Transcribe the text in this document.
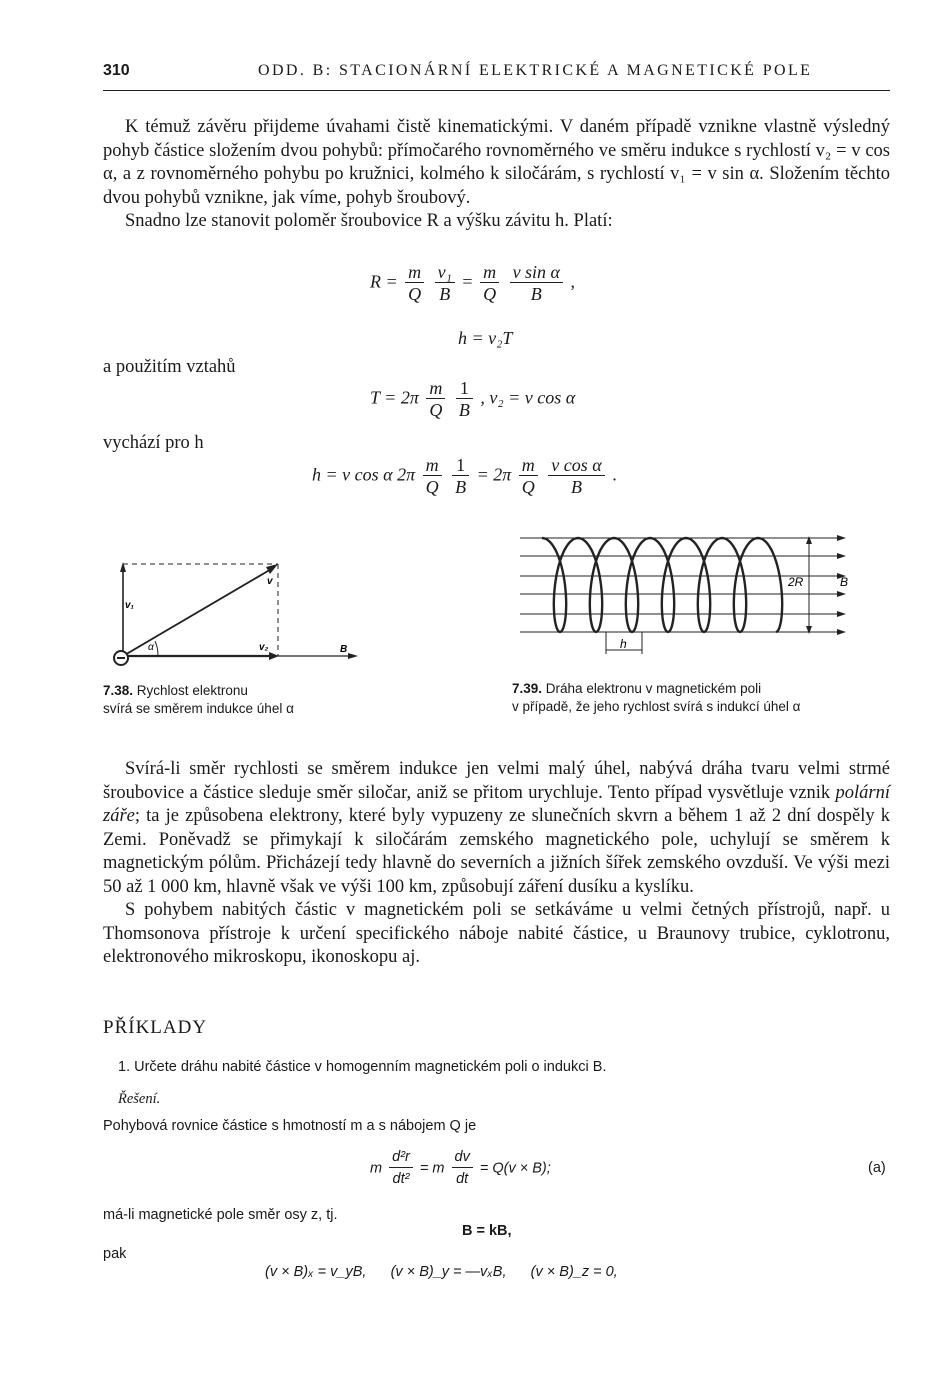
310	ODD. B: STACIONÁRNÍ ELEKTRICKÉ A MAGNETICKÉ POLE

K témuž závěru přijdeme úvahami čistě kinematickými. V daném případě vznikne vlastně výsledný pohyb částice složením dvou pohybů: přímočarého rovnoměrného ve směru indukce s rychlostí v₂ = v cos α, a z rovnoměrného pohybu po kružnici, kolmého k siločárám, s rychlostí v₁ = v sin α. Složením těchto dvou pohybů vznikne, jak víme, pohyb šroubový.

Snadno lze stanovit poloměr šroubovice R a výšku závitu h. Platí:

$R = \frac{m}{Q}$
$\frac{\text{v₁}}{B} = \frac{m}{Q}$
$\frac{\text{v sin α}}{B}$ ,
h = v₂T
a použitím vztahů
$T = 2\pi \frac{m}{Q}$
$\frac{1}{B}$ , v₂ = v cos α
vychází pro h
h = v cos α $2\pi \frac{m}{Q}$
$\frac{1}{B} = 2\pi \frac{m}{Q}$
$\frac{\text{v cos α}}{B}$ .
v
v₁
v₂
α	B
7.38. Rychlost elektronu
svírá se směrem indukce úhel α
2R	B
h
7.39. Dráha elektronu v magnetickém poli
v případě, že jeho rychlost svírá s indukcí úhel α

Svírá-li směr rychlosti se směrem indukce jen velmi malý úhel, nabývá dráha tvaru velmi strmé šroubovice a částice sleduje směr siločar, aniž se přitom urychluje. Tento případ vysvětluje vznik polární záře; ta je způsobena elektrony, které byly vypuzeny ze slunečních skvrn a během 1 až 2 dní dospěly k Zemi. Poněvadž se přimykají k siločárám zemského magnetického pole, uchylují se směrem k magnetickým pólům. Přicházejí tedy hlavně do severních a jižních šířek zemského ovzduší. Ve výši mezi 50 až 1 000 km, hlavně však ve výši 100 km, způsobují záření dusíku a kyslíku.

S pohybem nabitých částic v magnetickém poli se setkáváme u velmi četných přístrojů, např. u Thomsonova přístroje k určení specifického náboje nabité částice, u Braunovy trubice, cyklotronu, elektronového mikroskopu, ikonoskopu aj.

PŘÍKLADY
1. Určete dráhu nabité částice v homogenním magnetickém poli o indukci B.
Řešení.
Pohybová rovnice částice s hmotností m a s nábojem Q je
m $\frac{\text{d²r}}{\text{dt²}} = m \frac{dv}{dt} = Q(v \times B)$;	(a)
má-li magnetické pole směr osy z, tj.
B = kB,
pak
(v × B)ₓ = v_yB,      (v × B)_y = —vₓB,      (v × B)_z = 0,
